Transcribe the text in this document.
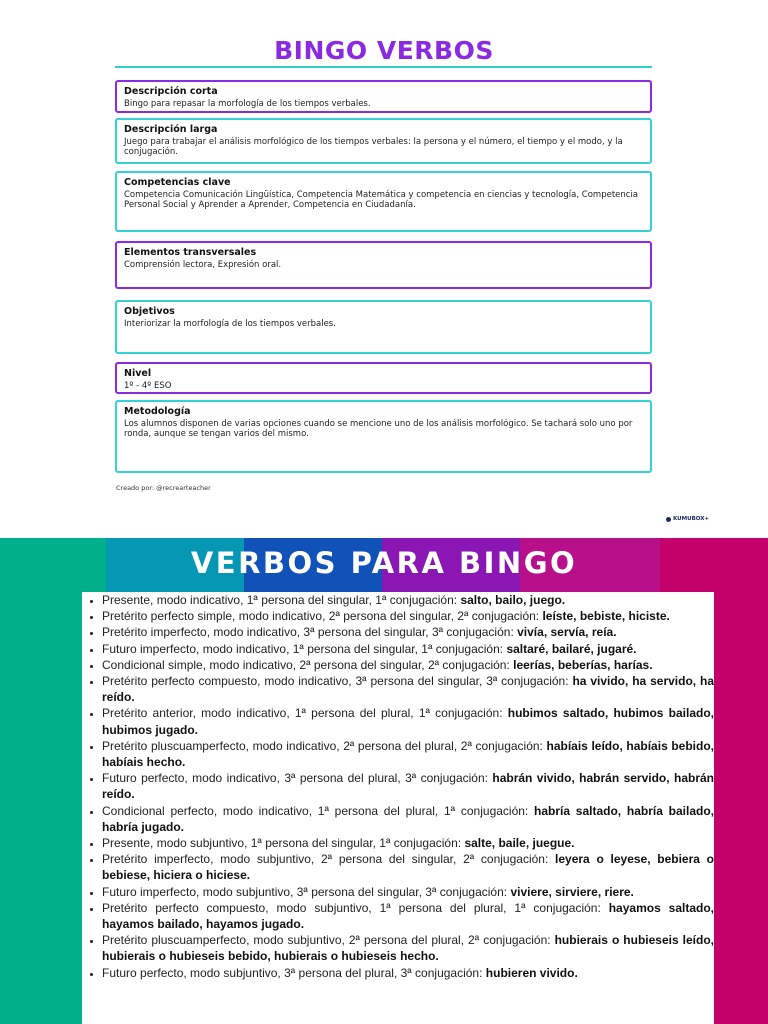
BINGO VERBOS
Descripción corta

Bingo para repasar la morfología de los tiempos verbales.

Descripción larga

Juego para trabajar el análisis morfológico de los tiempos verbales: la persona y el número, el tiempo y el modo, y la conjugación.

Competencias clave

Competencia Comunicación Lingüística, Competencia Matemática y competencia en ciencias y tecnología, Competencia Personal Social y Aprender a Aprender, Competencia en Ciudadanía.

Elementos transversales

Comprensión lectora, Expresión oral.

Objetivos

Interiorizar la morfología de los tiempos verbales.

Nivel

1º - 4º ESO

Metodología

Los alumnos disponen de varias opciones cuando se mencione uno de los análisis morfológico. Se tachará solo uno por ronda, aunque se tengan varios del mismo.

Creado por: @recrearteacher
KUMUBOX+
VERBOS PARA BINGO
• Presente, modo indicativo, 1ª persona del singular, 1ª conjugación: salto, bailo, juego.
• Pretérito perfecto simple, modo indicativo, 2ª persona del singular, 2ª conjugación: leíste, bebiste, hiciste.
• Pretérito imperfecto, modo indicativo, 3ª persona del singular, 3ª conjugación: vivía, servía, reía.
• Futuro imperfecto, modo indicativo, 1ª persona del singular, 1ª conjugación: saltaré, bailaré, jugaré.
• Condicional simple, modo indicativo, 2ª persona del singular, 2ª conjugación: leerías, beberías, harías.
• Pretérito perfecto compuesto, modo indicativo, 3ª persona del singular, 3ª conjugación: ha vivido, ha servido, ha reído.
• Pretérito anterior, modo indicativo, 1ª persona del plural, 1ª conjugación: hubimos saltado, hubimos bailado, hubimos jugado.
• Pretérito pluscuamperfecto, modo indicativo, 2ª persona del plural, 2ª conjugación: habíais leído, habíais bebido, habíais hecho.
• Futuro perfecto, modo indicativo, 3ª persona del plural, 3ª conjugación: habrán vivido, habrán servido, habrán reído.
• Condicional perfecto, modo indicativo, 1ª persona del plural, 1ª conjugación: habría saltado, habría bailado, habría jugado.
• Presente, modo subjuntivo, 1ª persona del singular, 1ª conjugación: salte, baile, juegue.
• Pretérito imperfecto, modo subjuntivo, 2ª persona del singular, 2ª conjugación: leyera o leyese, bebiera o bebiese, hiciera o hiciese.
• Futuro imperfecto, modo subjuntivo, 3ª persona del singular, 3ª conjugación: viviere, sirviere, riere.
• Pretérito perfecto compuesto, modo subjuntivo, 1ª persona del plural, 1ª conjugación: hayamos saltado, hayamos bailado, hayamos jugado.
• Pretérito pluscuamperfecto, modo subjuntivo, 2ª persona del plural, 2ª conjugación: hubierais o hubieseis leído, hubierais o hubieseis bebido, hubierais o hubieseis hecho.
• Futuro perfecto, modo subjuntivo, 3ª persona del plural, 3ª conjugación: hubieren vivido.
